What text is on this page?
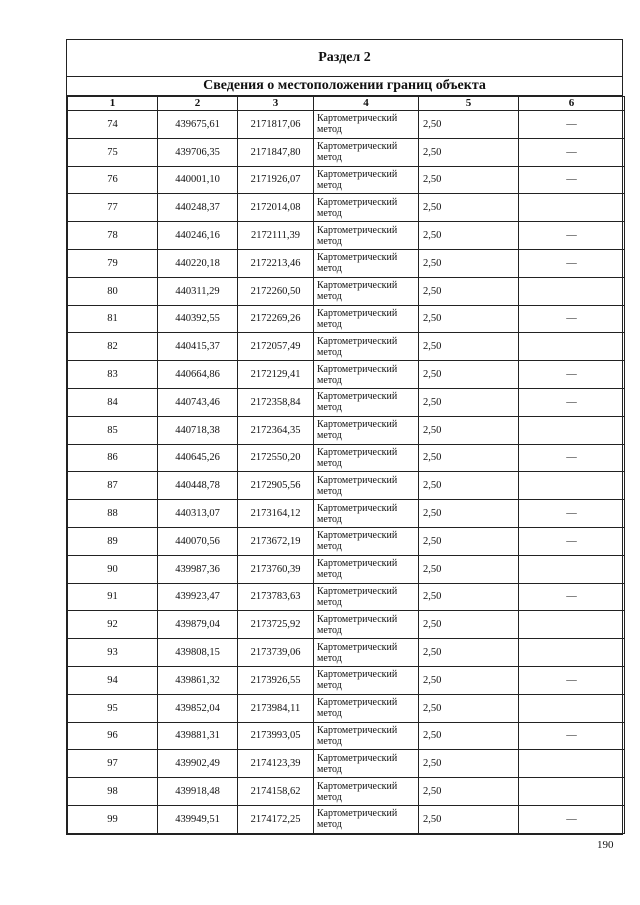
Раздел 2
Сведения о местоположении границ объекта
1	2	3	4	5	6
74	439675,61	2171817,06	Картометрический метод	2,50	—
75	439706,35	2171847,80	Картометрический метод	2,50	—
76	440001,10	2171926,07	Картометрический метод	2,50	—
77	440248,37	2172014,08	Картометрический метод	2,50	
78	440246,16	2172111,39	Картометрический метод	2,50	—
79	440220,18	2172213,46	Картометрический метод	2,50	—
80	440311,29	2172260,50	Картометрический метод	2,50	
81	440392,55	2172269,26	Картометрический метод	2,50	—
82	440415,37	2172057,49	Картометрический метод	2,50	
83	440664,86	2172129,41	Картометрический метод	2,50	—
84	440743,46	2172358,84	Картометрический метод	2,50	—
85	440718,38	2172364,35	Картометрический метод	2,50	
86	440645,26	2172550,20	Картометрический метод	2,50	—
87	440448,78	2172905,56	Картометрический метод	2,50	
88	440313,07	2173164,12	Картометрический метод	2,50	—
89	440070,56	2173672,19	Картометрический метод	2,50	—
90	439987,36	2173760,39	Картометрический метод	2,50	
91	439923,47	2173783,63	Картометрический метод	2,50	—
92	439879,04	2173725,92	Картометрический метод	2,50	
93	439808,15	2173739,06	Картометрический метод	2,50	
94	439861,32	2173926,55	Картометрический метод	2,50	—
95	439852,04	2173984,11	Картометрический метод	2,50	
96	439881,31	2173993,05	Картометрический метод	2,50	—
97	439902,49	2174123,39	Картометрический метод	2,50	
98	439918,48	2174158,62	Картометрический метод	2,50	
99	439949,51	2174172,25	Картометрический метод	2,50	—
190
